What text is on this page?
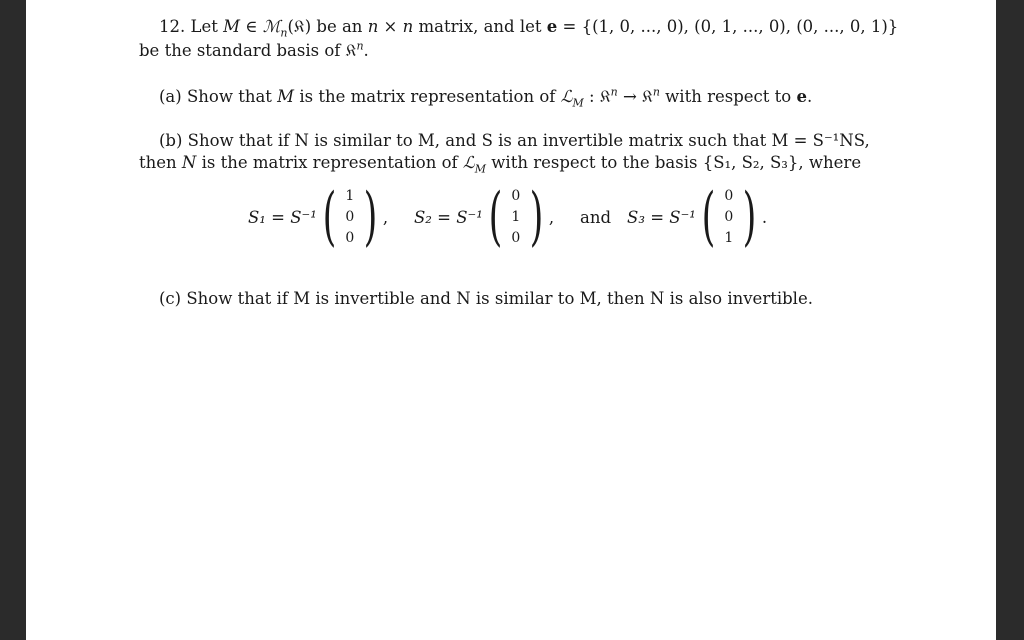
12. Let M ∈ ℳ$_n$(𝔎) be an n × n matrix, and let e = {(1, 0, ..., 0), (0, 1, ..., 0), (0, ..., 0, 1)}
be the standard basis of 𝔎$^n$.
(a) Show that M is the matrix representation of ℒ$_M$ : 𝔎$^n$ → 𝔎$^n$ with respect to e.
(b) Show that if N is similar to M, and S is an invertible matrix such that M = S⁻¹NS,
then N is the matrix representation of ℒ$_M$ with respect to the basis {S₁, S₂, S₃}, where
S₁ = S⁻¹ ( 1
0
0 ) , S₂ = S⁻¹ ( 0
1
0 ) , and S₃ = S⁻¹ ( 0
0
1 ) .
(c) Show that if M is invertible and N is similar to M, then N is also invertible.
